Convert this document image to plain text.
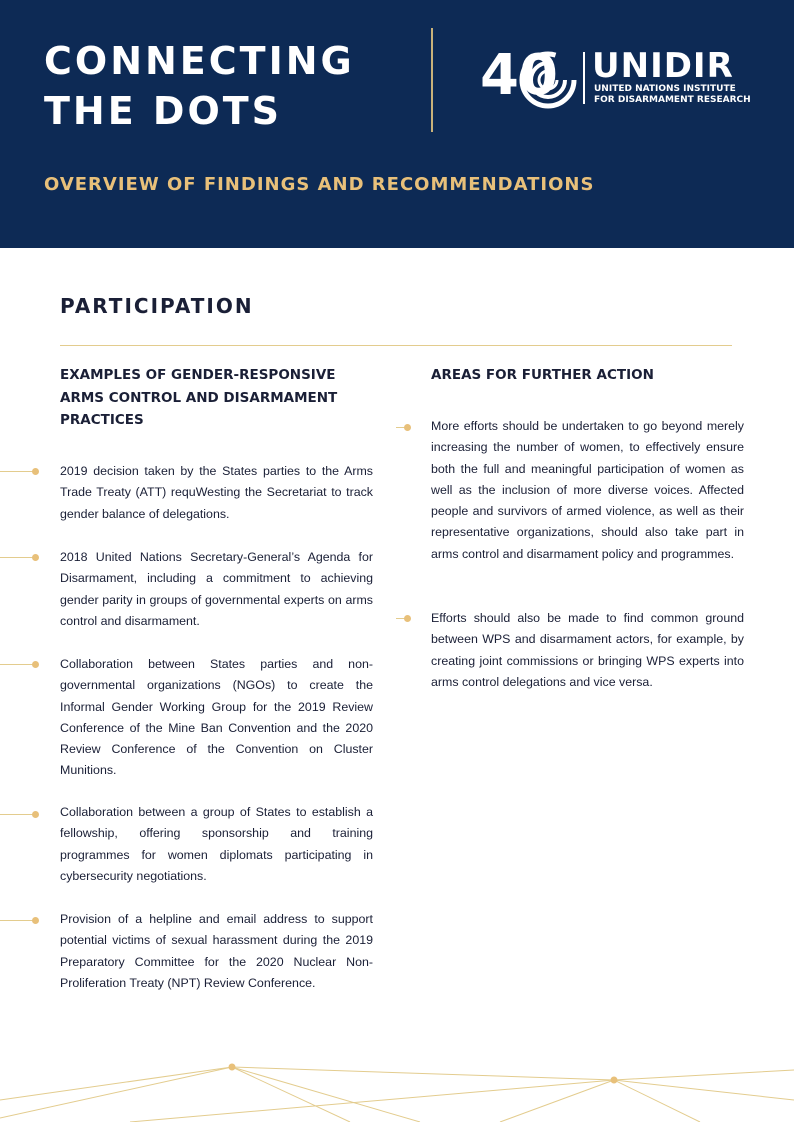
CONNECTING
THE DOTS
40 UNIDIR
UNITED NATIONS INSTITUTE
FOR DISARMAMENT RESEARCH
OVERVIEW OF FINDINGS AND RECOMMENDATIONS
PARTICIPATION
EXAMPLES OF GENDER-RESPONSIVE ARMS CONTROL AND DISARMAMENT PRACTICES
AREAS FOR FURTHER ACTION

2019 decision taken by the States parties to the Arms Trade Treaty (ATT) requWesting the Secretariat to track gender balance of delegations.

2018 United Nations Secretary-General’s Agenda for Disarmament, including a commitment to achieving gender parity in groups of governmental experts on arms control and disarmament.

Collaboration between States parties and non-governmental organizations (NGOs) to create the Informal Gender Working Group for the 2019 Review Conference of the Mine Ban Convention and the 2020 Review Conference of the Convention on Cluster Munitions.

Collaboration between a group of States to establish a fellowship, offering sponsorship and training programmes for women diplomats participating in cybersecurity negotiations.

Provision of a helpline and email address to support potential victims of sexual harassment during the 2019 Preparatory Committee for the 2020 Nuclear Non-Proliferation Treaty (NPT) Review Conference.

More efforts should be undertaken to go beyond merely increasing the number of women, to effectively ensure both the full and meaningful participation of women as well as the inclusion of more diverse voices. Affected people and survivors of armed violence, as well as their representative organizations, should also take part in arms control and disarmament policy and programmes.

Efforts should also be made to find common ground between WPS and disarmament actors, for example, by creating joint commissions or bringing WPS experts into arms control delegations and vice versa.
